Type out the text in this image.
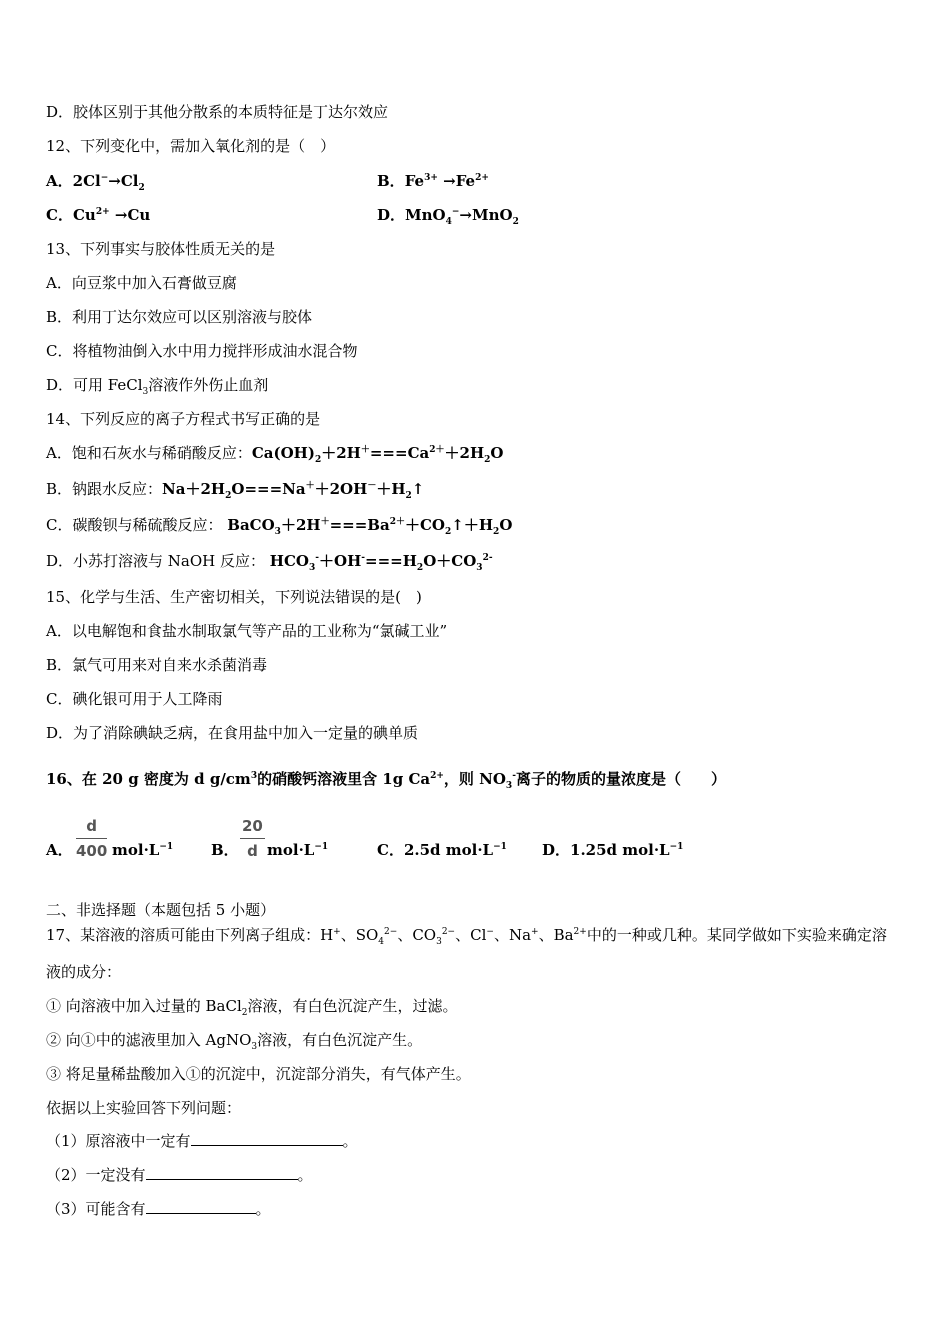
D．胶体区别于其他分散系的本质特征是丁达尔效应
12、下列变化中，需加入氧化剂的是（　）
A．$2Cl^-\to Cl_2$	B．$Fe^{3+} \to Fe^{2+}$
C．$Cu^{2+} \to Cu$	D．MnO$_4$−→MnO$_2$
13、下列事实与胶体性质无关的是
A．向豆浆中加入石膏做豆腐
B．利用丁达尔效应可以区别溶液与胶体
C．将植物油倒入水中用力搅拌形成油水混合物
D．可用 FeCl$_3$溶液作外伤止血剂
14、下列反应的离子方程式书写正确的是
A．饱和石灰水与稀硝酸反应：$Ca(OH)_2+2H^+===Ca^{2+}+2H_2O$
B．钠跟水反应：$Na+2H_2O===Na^++2OH^-+H_2↑$
C．碳酸钡与稀硫酸反应： $BaCO_3+2H^+===Ba^{2+}+CO_2↑+H_2O$
D．小苏打溶液与 NaOH 反应： $HCO_3^-+OH^-===H_2O+CO_3^{2-}$
15、化学与生活、生产密切相关，下列说法错误的是(　)
A．以电解饱和食盐水制取氯气等产品的工业称为“氯碱工业”
B．氯气可用来对自来水杀菌消毒
C．碘化银可用于人工降雨
D．为了消除碘缺乏病，在食用盐中加入一定量的碘单质
16、在 20 g 密度为 d $g/cm^3$的硝酸钙溶液里含 1g $Ca^{2+}$，则 $NO_3^-$离子的物质的量浓度是（　　）
A． $\frac{d}{400} mol\cdot L^{-1}$	B． $\frac{20}{d} mol\cdot L^{-1}$	C．2.5d $mol\cdot L^{-1}$ D．1.25d $mol\cdot L^{-1}$
二、非选择题（本题包括 5 小题）
17、某溶液的溶质可能由下列离子组成：H+、$SO_4^{2-}$、$CO_3^{2-}$、Cl−、Na+、$Ba^{2+}$中的一种或几种。某同学做如下实验来确定溶
液的成分：
① 向溶液中加入过量的 BaCl$_2$溶液，有白色沉淀产生，过滤。
② 向①中的滤液里加入 AgNO$_3$溶液，有白色沉淀产生。
③ 将足量稀盐酸加入①的沉淀中，沉淀部分消失，有气体产生。
依据以上实验回答下列问题：
（1）原溶液中一定有	。
（2）一定没有	。
（3）可能含有	。
